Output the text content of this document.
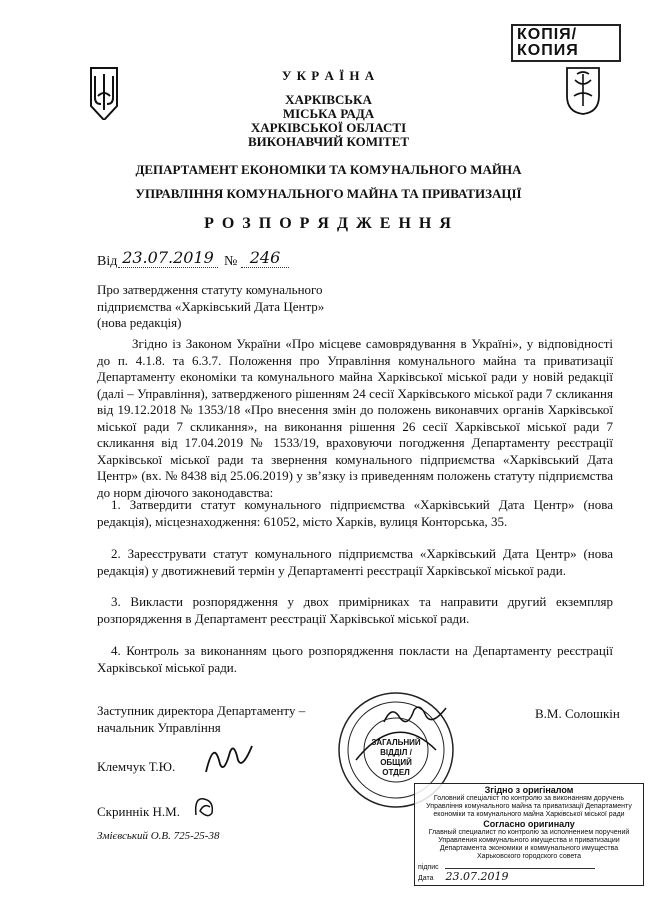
КОПІЯ/
КОПИЯ
У К Р А Ї Н А
ХАРКІВСЬКА
МІСЬКА РАДА
ХАРКІВСЬКОЇ ОБЛАСТІ
ВИКОНАВЧИЙ КОМІТЕТ
ДЕПАРТАМЕНТ ЕКОНОМІКИ ТА КОМУНАЛЬНОГО МАЙНА
УПРАВЛІННЯ КОМУНАЛЬНОГО МАЙНА ТА ПРИВАТИЗАЦІЇ
Р О З П О Р Я Д Ж Е Н Н Я
Від 23.07.2019 № 246
Про затвердження статуту комунального
підприємства «Харківський Дата Центр»
(нова редакція)
Згідно із Законом України «Про місцеве самоврядування в Україні», у відповідності до п. 4.1.8. та 6.3.7. Положення про Управління комунального майна та приватизації Департаменту економіки та комунального майна Харківської міської ради у новій редакції (далі – Управління), затвердженого рішенням 24 сесії Харківського міської ради 7 скликання від 19.12.2018 № 1353/18 «Про внесення змін до положень виконавчих органів Харківської міської ради 7 скликання», на виконання рішення 26 сесії Харківської міської ради 7 скликання від 17.04.2019 № 1533/19, враховуючи погодження Департаменту реєстрації Харківської міської ради та звернення комунального підприємства «Харківський Дата Центр» (вх. № 8438 від 25.06.2019) у зв’язку із приведенням положень статуту підприємства до норм діючого законодавства:
1. Затвердити статут комунального підприємства «Харківський Дата Центр» (нова редакція), місцезнаходження: 61052, місто Харків, вулиця Конторська, 35.
2. Зареєструвати статут комунального підприємства «Харківський Дата Центр» (нова редакція) у двотижневий термін у Департаменті реєстрації Харківської міської ради.
3. Викласти розпорядження у двох примірниках та направити другий екземпляр розпорядження в Департамент реєстрації Харківської міської ради.
4. Контроль за виконанням цього розпорядження покласти на Департаменту реєстрації Харківської міської ради.
Заступник директора Департаменту –
начальник Управління
В.М. Солошкін
ЗАГАЛЬНИЙ
ВІДДІЛ /
ОБЩИЙ ОТДЕЛ
Клемчук Т.Ю.
Скриннік Н.М.
Змієвський О.В. 725-25-38
Згідно з оригіналом
Головний спеціаліст по контролю за виконанням доручень Управління комунального майна та приватизації Департаменту економіки та комунального майна Харківської міської ради
Согласно оригиналу
Главный специалист по контролю за исполнением поручений Управления коммунального имущества и приватизации Департамента экономики и коммунального имущества Харьковского городского совета
підпис
Дата 23.07.2019
